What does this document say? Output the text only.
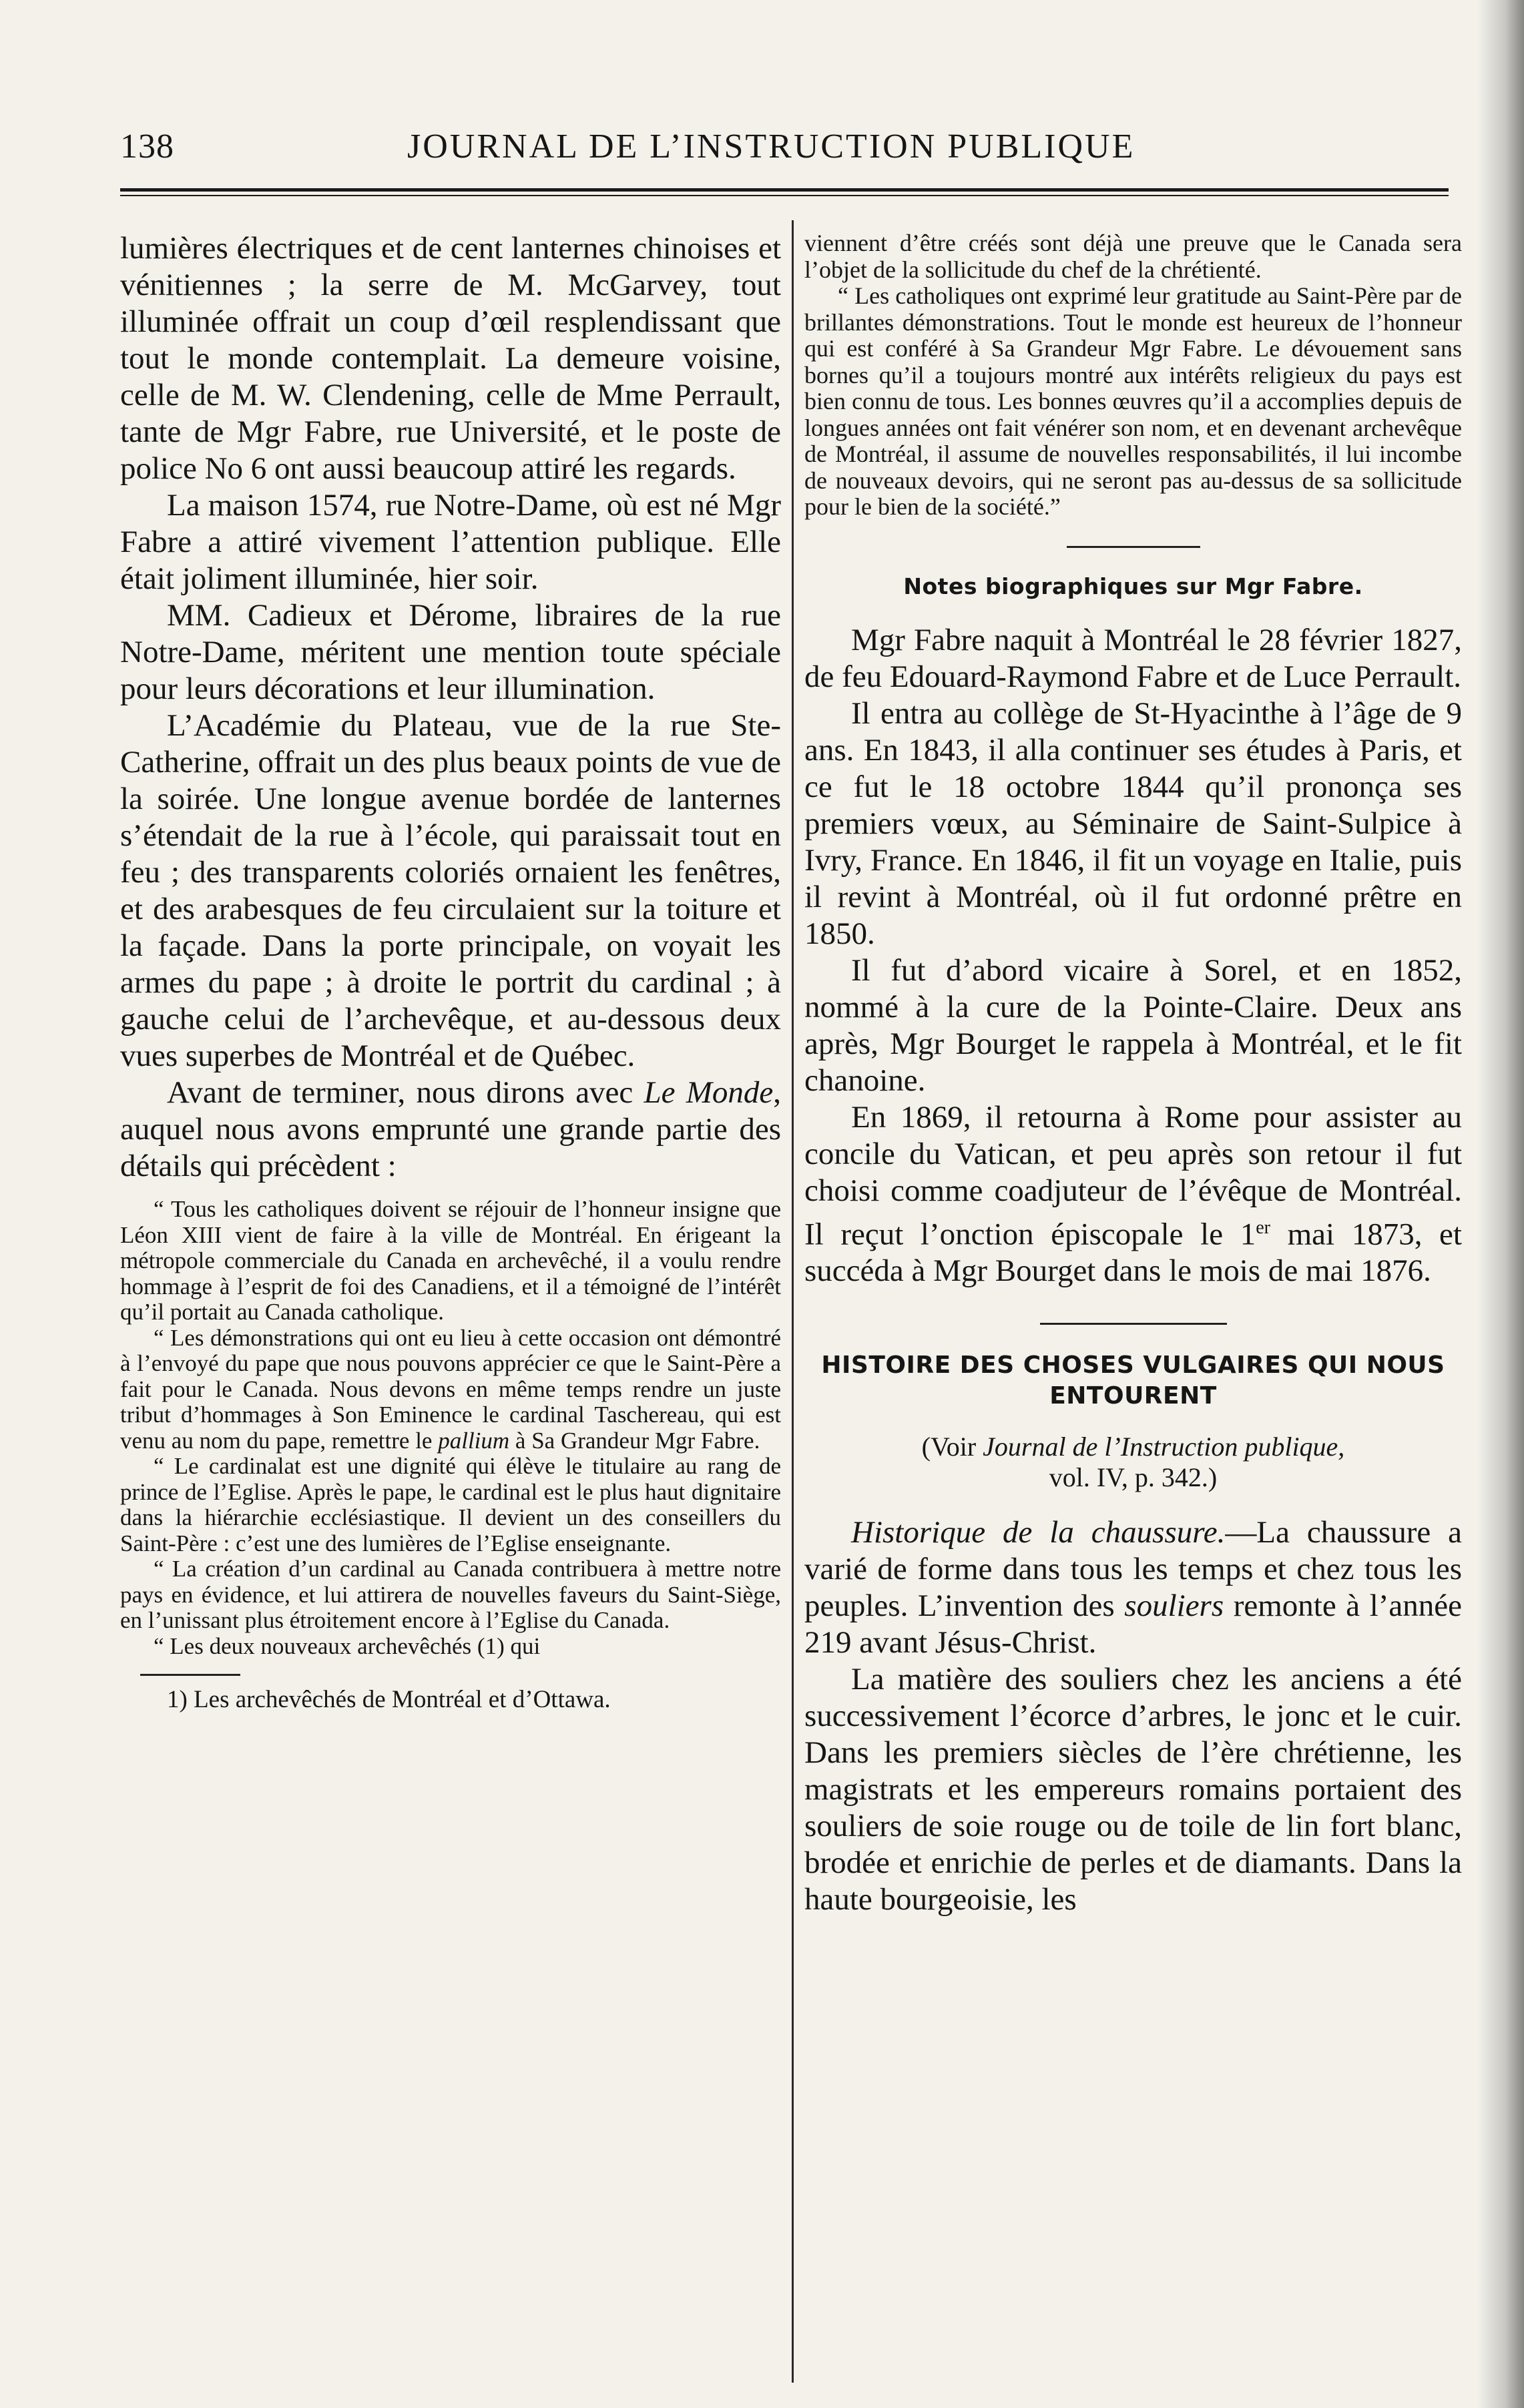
138	JOURNAL DE L’INSTRUCTION PUBLIQUE

lumières électriques et de cent lanternes chinoises et vénitiennes ; la serre de M. McGarvey, tout illuminée offrait un coup d’œil resplendissant que tout le monde contemplait. La demeure voisine, celle de M. W. Clendening, celle de Mme Perrault, tante de Mgr Fabre, rue Université, et le poste de police No 6 ont aussi beaucoup attiré les regards.

La maison 1574, rue Notre-Dame, où est né Mgr Fabre a attiré vivement l’attention publique. Elle était joliment illuminée, hier soir.

MM. Cadieux et Dérome, libraires de la rue Notre-Dame, méritent une mention toute spéciale pour leurs décorations et leur illumination.

L’Académie du Plateau, vue de la rue Ste-Catherine, offrait un des plus beaux points de vue de la soirée. Une longue avenue bordée de lanternes s’étendait de la rue à l’école, qui paraissait tout en feu ; des transparents coloriés ornaient les fenêtres, et des arabesques de feu circulaient sur la toiture et la façade. Dans la porte principale, on voyait les armes du pape ; à droite le portrit du cardinal ; à gauche celui de l’archevêque, et au-dessous deux vues superbes de Montréal et de Québec.

Avant de terminer, nous dirons avec Le Monde, auquel nous avons emprunté une grande partie des détails qui précèdent :

“ Tous les catholiques doivent se réjouir de l’honneur insigne que Léon XIII vient de faire à la ville de Montréal. En érigeant la métropole commerciale du Canada en archevêché, il a voulu rendre hommage à l’esprit de foi des Canadiens, et il a témoigné de l’intérêt qu’il portait au Canada catholique.

“ Les démonstrations qui ont eu lieu à cette occasion ont démontré à l’envoyé du pape que nous pouvons apprécier ce que le Saint-Père a fait pour le Canada. Nous devons en même temps rendre un juste tribut d’hommages à Son Eminence le cardinal Taschereau, qui est venu au nom du pape, remettre le pallium à Sa Grandeur Mgr Fabre.

“ Le cardinalat est une dignité qui élève le titulaire au rang de prince de l’Eglise. Après le pape, le cardinal est le plus haut dignitaire dans la hiérarchie ecclésiastique. Il devient un des conseillers du Saint-Père : c’est une des lumières de l’Eglise enseignante.

“ La création d’un cardinal au Canada contribuera à mettre notre pays en évidence, et lui attirera de nouvelles faveurs du Saint-Siège, en l’unissant plus étroitement encore à l’Eglise du Canada.

“ Les deux nouveaux archevêchés (1) qui

1) Les archevêchés de Montréal et d’Ottawa.

viennent d’être créés sont déjà une preuve que le Canada sera l’objet de la sollicitude du chef de la chrétienté.

“ Les catholiques ont exprimé leur gratitude au Saint-Père par de brillantes démonstrations. Tout le monde est heureux de l’honneur qui est conféré à Sa Grandeur Mgr Fabre. Le dévouement sans bornes qu’il a toujours montré aux intérêts religieux du pays est bien connu de tous. Les bonnes œuvres qu’il a accomplies depuis de longues années ont fait vénérer son nom, et en devenant archevêque de Montréal, il assume de nouvelles responsabilités, il lui incombe de nouveaux devoirs, qui ne seront pas au-dessus de sa sollicitude pour le bien de la société.”

Notes biographiques sur Mgr Fabre.

Mgr Fabre naquit à Montréal le 28 février 1827, de feu Edouard-Raymond Fabre et de Luce Perrault.

Il entra au collège de St-Hyacinthe à l’âge de 9 ans. En 1843, il alla continuer ses études à Paris, et ce fut le 18 octobre 1844 qu’il prononça ses premiers vœux, au Séminaire de Saint-Sulpice à Ivry, France. En 1846, il fit un voyage en Italie, puis il revint à Montréal, où il fut ordonné prêtre en 1850.

Il fut d’abord vicaire à Sorel, et en 1852, nommé à la cure de la Pointe-Claire. Deux ans après, Mgr Bourget le rappela à Montréal, et le fit chanoine.

En 1869, il retourna à Rome pour assister au concile du Vatican, et peu après son retour il fut choisi comme coadjuteur de l’évêque de Montréal. Il reçut l’onction épiscopale le 1er mai 1873, et succéda à Mgr Bourget dans le mois de mai 1876.

HISTOIRE DES CHOSES VULGAIRES QUI NOUS ENTOURENT

(Voir Journal de l’Instruction publique,
vol. IV, p. 342.)

Historique de la chaussure.—La chaussure a varié de forme dans tous les temps et chez tous les peuples. L’invention des souliers remonte à l’année 219 avant Jésus-Christ.

La matière des souliers chez les anciens a été successivement l’écorce d’arbres, le jonc et le cuir. Dans les premiers siècles de l’ère chrétienne, les magistrats et les empereurs romains portaient des souliers de soie rouge ou de toile de lin fort blanc, brodée et enrichie de perles et de diamants. Dans la haute bourgeoisie, les
